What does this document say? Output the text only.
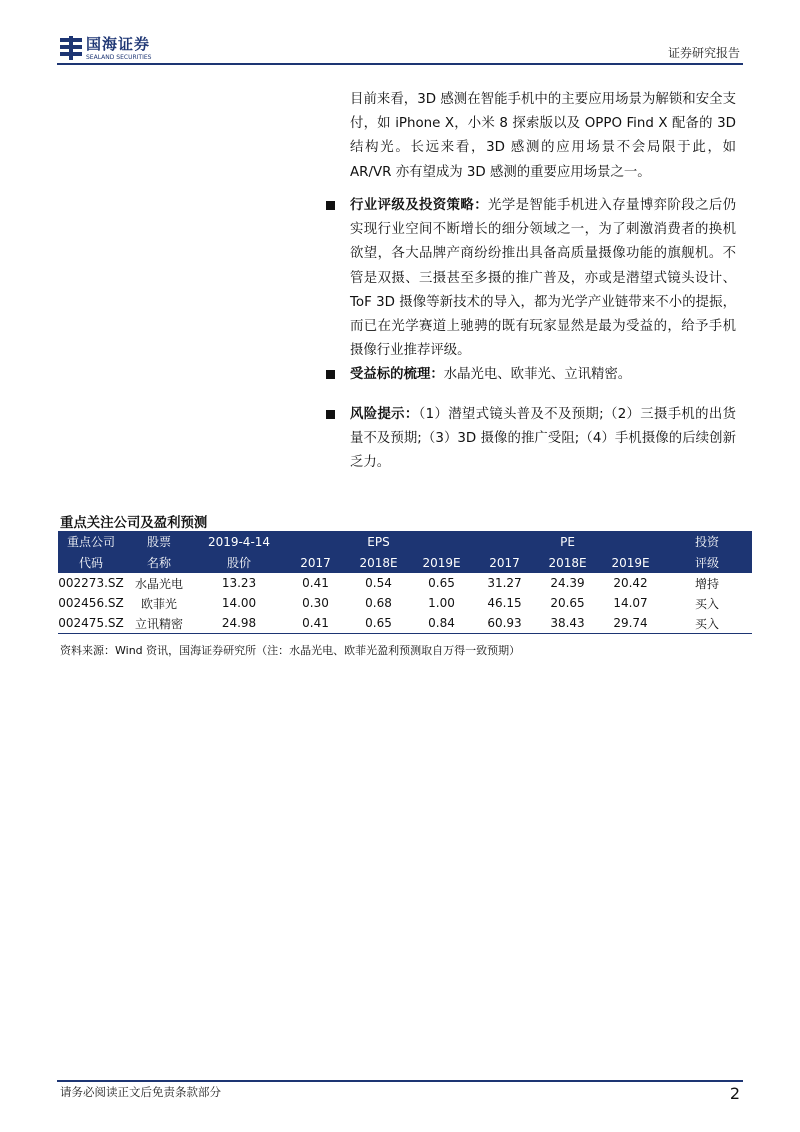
国海证券
SEALAND SECURITIES	证券研究报告
目前来看，3D 感测在智能手机中的主要应用场景为解锁和安全支付，如 iPhone X，小米 8 探索版以及 OPPO Find X 配备的 3D 结构光。长远来看，3D 感测的应用场景不会局限于此，如 AR/VR 亦有望成为 3D 感测的重要应用场景之一。
行业评级及投资策略：光学是智能手机进入存量博弈阶段之后仍实现行业空间不断增长的细分领域之一，为了刺激消费者的换机欲望，各大品牌产商纷纷推出具备高质量摄像功能的旗舰机。不管是双摄、三摄甚至多摄的推广普及，亦或是潜望式镜头设计、ToF 3D 摄像等新技术的导入，都为光学产业链带来不小的提振，而已在光学赛道上驰骋的既有玩家显然是最为受益的，给予手机摄像行业推荐评级。
受益标的梳理：水晶光电、欧菲光、立讯精密。
风险提示：（1）潜望式镜头普及不及预期;（2）三摄手机的出货量不及预期;（3）3D 摄像的推广受阻;（4）手机摄像的后续创新乏力。
重点关注公司及盈利预测
重点公司	股票	2019-4-14	EPS			PE			投资
代码	名称	股价	2017	2018E	2019E	2017	2018E	2019E	评级
002273.SZ	水晶光电	13.23	0.41	0.54	0.65	31.27	24.39	20.42	增持
002456.SZ	欧菲光	14.00	0.30	0.68	1.00	46.15	20.65	14.07	买入
002475.SZ	立讯精密	24.98	0.41	0.65	0.84	60.93	38.43	29.74	买入
资料来源：Wind 资讯，国海证券研究所（注：水晶光电、欧菲光盈利预测取自万得一致预期）
请务必阅读正文后免责条款部分	2
